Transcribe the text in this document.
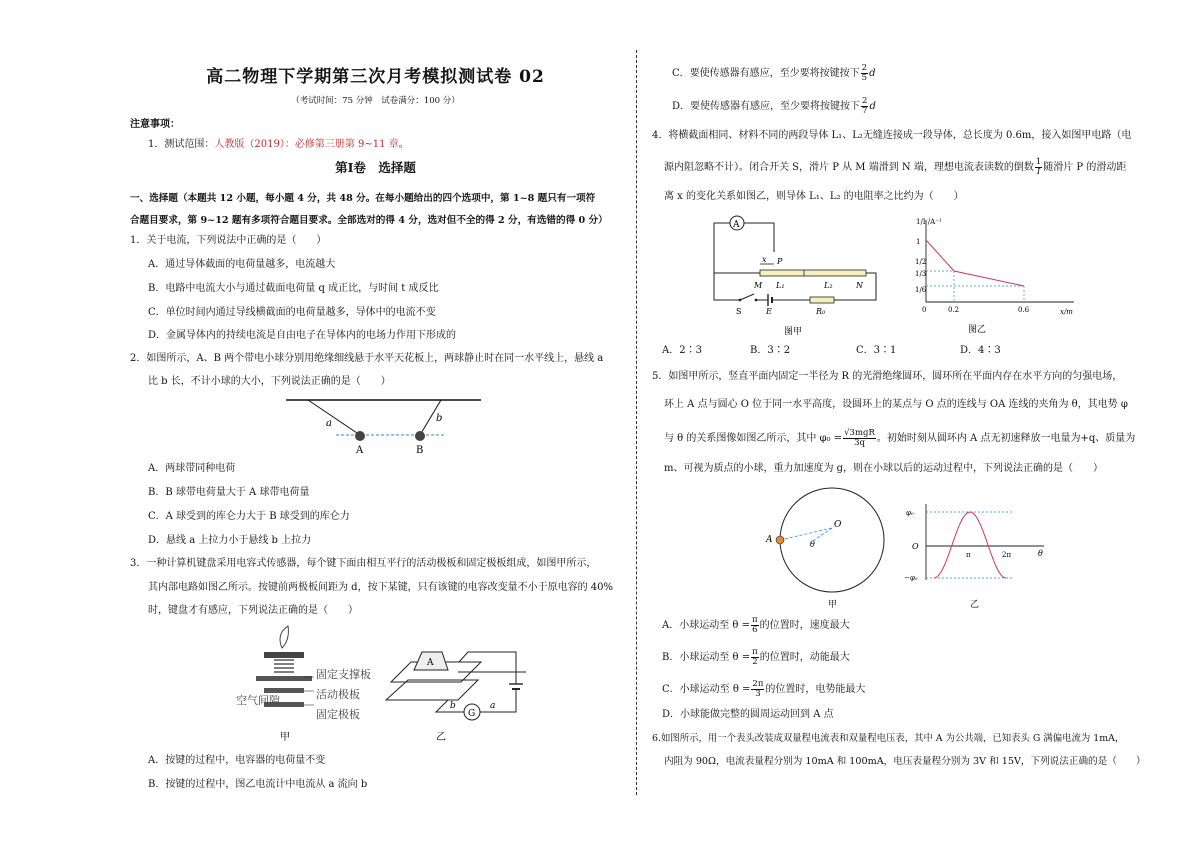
高二物理下学期第三次月考模拟测试卷 02
（考试时间：75 分钟　试卷满分：100 分）
注意事项：
1．测试范围：人教版（2019）：必修第三册第 9~11 章。
第Ⅰ卷　选择题
一、选择题（本题共 12 小题，每小题 4 分，共 48 分。在每小题给出的四个选项中，第 1~8 题只有一项符
合题目要求，第 9~12 题有多项符合题目要求。全部选对的得 4 分，选对但不全的得 2 分，有选错的得 0 分）
1．关于电流，下列说法中正确的是（　　）
A．通过导体截面的电荷量越多，电流越大
B．电路中电流大小与通过截面电荷量 q 成正比，与时间 t 成反比
C．单位时间内通过导线横截面的电荷量越多，导体中的电流不变
D．金属导体内的持续电流是自由电子在导体内的电场力作用下形成的
2．如图所示，A、B 两个带电小球分别用绝缘细线悬于水平天花板上，两球静止时在同一水平线上，悬线 a
比 b 长，不计小球的大小，下列说法正确的是（　　）
a	b
A	B
A．两球带同种电荷
B．B 球带电荷量大于 A 球带电荷量
C．A 球受到的库仑力大于 B 球受到的库仑力
D．悬线 a 上拉力小于悬线 b 上拉力
3．一种计算机键盘采用电容式传感器，每个键下面由相互平行的活动极板和固定极板组成，如图甲所示，
其内部电路如图乙所示。按键前两极板间距为 d，按下某键，只有该键的电容改变量不小于原电容的 40%
时，键盘才有感应，下列说法正确的是（　　）
固定支撑板
活动极板
空气间隙
固定极板
甲
A
G
b	a
乙
A．按键的过程中，电容器的电荷量不变
B．按键的过程中，图乙电流计中电流从 a 流向 b
C．要使传感器有感应，至少要将按键按下 $\frac{2}{5}$ d
D．要使传感器有感应，至少要将按键按下 $\frac{2}{7}$ d
4．将横截面相同、材料不同的两段导体 L₁、L₂无缝连接成一段导体，总长度为 0.6m，接入如图甲电路（电
源内阻忽略不计）。闭合开关 S，滑片 P 从 M 端滑到 N 端，理想电流表读数的倒数 $\frac{1}{I}$ 随滑片 P 的滑动距
离 x 的变化关系如图乙，则导体 L₁、L₂ 的电阻率之比约为（　　）
A
x P
M L₁	L₂	N
S	E	R₀
图甲
1/I /A⁻¹
x/m
1
1/2
1/3
1/6
0	0.2	0.6
图乙
A．2∶3	B．3∶2	C．3∶1	D．4∶3
5．如图甲所示，竖直平面内固定一半径为 R 的光滑绝缘圆环，圆环所在平面内存在水平方向的匀强电场，
环上 A 点与圆心 O 位于同一水平高度，设圆环上的某点与 O 点的连线与 OA 连线的夹角为 θ，其电势 φ
与 θ 的关系图像如图乙所示，其中 $\varphi_0 = \frac{\text{√3mgR}}{3q}$ 。初始时刻从圆环内 A 点无初速释放一电量为+q、质量为
m、可视为质点的小球，重力加速度为 g，则在小球以后的运动过程中，下列说法正确的是（　　）
A
O
θ
甲
φ₀
O
−φ₀
π	2π	θ
乙
A．小球运动至 $\theta = \frac{\pi}{6}$ 的位置时，速度最大
B．小球运动至 $\theta = \frac{\pi}{2}$ 的位置时，动能最大
C．小球运动至 $\theta = \frac{2\pi}{3}$ 的位置时，电势能最大
D．小球能做完整的圆周运动回到 A 点
6.如图所示，用一个表头改装成双量程电流表和双量程电压表，其中 A 为公共端，已知表头 G 满偏电流为 1mA，
内阻为 90Ω，电流表量程分别为 10mA 和 100mA，电压表量程分别为 3V 和 15V，下列说法正确的是（　　）
